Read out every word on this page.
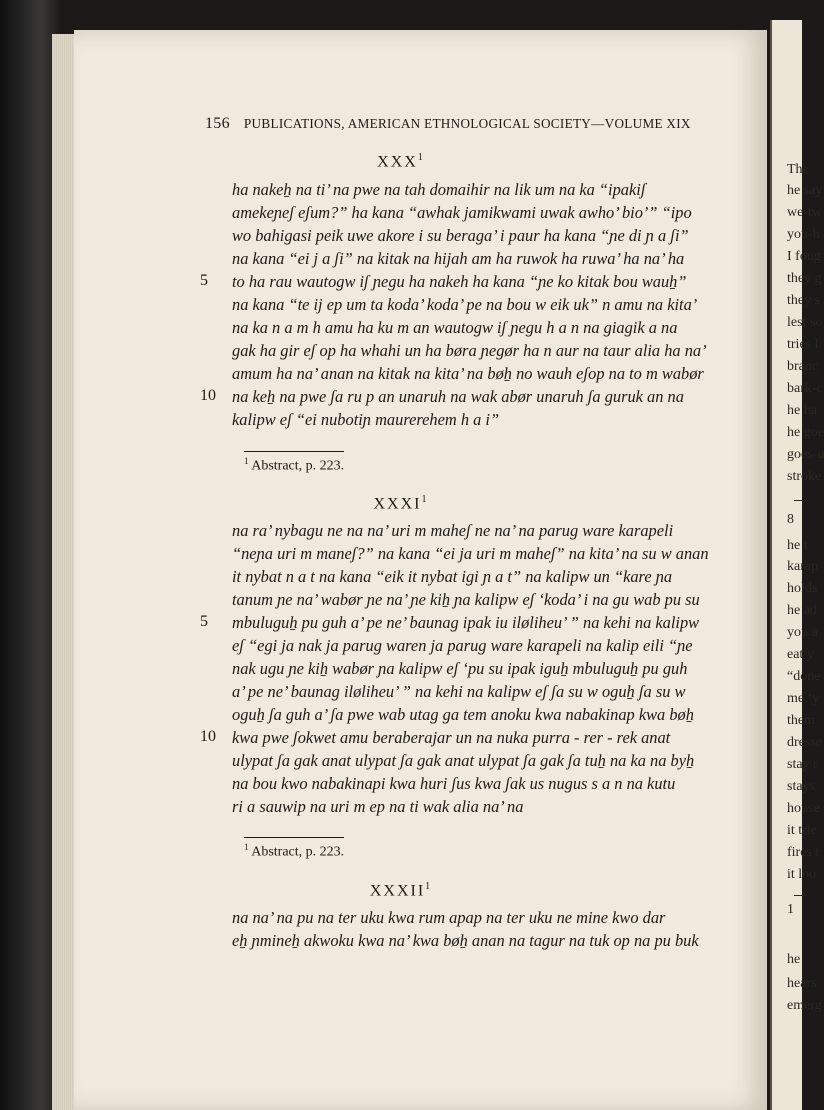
The
he say
we-tw
you-h
I foug
they g
they s
lest so
tries l
branc
bark-c
he ha
he goe
goes-u
stroke
8
he t
karap
holds
he ad
you a
eat y
“done
me ‘y
them
dresse
stay r
stays
house
it trie
fires t
it loo
1
he
hears
emerg
156 PUBLICATIONS, AMERICAN ETHNOLOGICAL SOCIETY—VOLUME XIX
XXX$^1$
ha nakeẖ na ti’ na pwe na tah domaihir na lik um na ka “ipakiʃ
amekeɲeʃ eʃum?” ha kana “awhak jamikwami uwak awho’ bio’” “ipo
wo bahigasi peik uwe akore i su beraga’ i paur ha kana “ɲe di ɲ a ʃi”
na kana “ei j a ʃi” na kitak na hijah am ha ruwok ha ruwa’ ha na’ ha
5 to ha rau wautogw iʃ ɲegu ha nakeh ha kana “ɲe ko kitak bou wauẖ”
na kana “te ij ep um ta koda’ koda’ pe na bou w eik uk” n amu na kita’
na ka n a m h amu ha ku m an wautogw iʃ ɲegu h a n na giagik a na
gak ha gir eʃ op ha whahi un ha børa ɲegør ha n aur na taur alia ha na’
amum ha na’ anan na kitak na kita’ na bøẖ no wauh eʃop na to m wabør
10 na keẖ na pwe ʃa ru p an unaruh na wak abør unaruh ʃa guruk an na
kalipw eʃ “ei nubotiɲ maurerehem h a i”
$^1$ Abstract, p. 223.
XXXI$^1$
na ra’ nybagu ne na na’ uri m maheʃ ne na’ na parug ware karapeli
“neɲa uri m maneʃ?” na kana “ei ja uri m maheʃ” na kita’ na su w anan
it nybat n a t na kana “eik it nybat igi ɲ a t” na kalipw un “kare ɲa
tanum ɲe na’ wabør ɲe na’ ɲe kiẖ ɲa kalipw eʃ ‘koda’ i na gu wab pu su
5 mbuluguẖ pu guh a’ pe ne’ baunag ipak iu iløliheu’ ” na kehi na kalipw
eʃ “egi ja nak ja parug waren ja parug ware karapeli na kalip eili “ɲe
nak ugu ɲe kiẖ wabør ɲa kalipw eʃ ‘pu su ipak iguẖ mbuluguẖ pu guh
a’ pe ne’ baunag iløliheu’ ” na kehi na kalipw eʃ ʃa su w oguẖ ʃa su w
oguẖ ʃa guh a’ ʃa pwe wab utag ga tem anoku kwa nabakinap kwa bøẖ
10 kwa pwe ʃokwet amu beraberajar un na nuka purra - rer - rek anat
ulypat ʃa gak anat ulypat ʃa gak anat ulypat ʃa gak ʃa tuẖ na ka na byẖ
na bou kwo nabakinapi kwa huri ʃus kwa ʃak us nugus s a n na kutu
ri a sauwip na uri m ep na ti wak alia na’ na
$^1$ Abstract, p. 223.
XXXII$^1$
na na’ na pu na ter uku kwa rum apap na ter uku ne mine kwo dar
eẖ ɲmineẖ akwoku kwa na’ kwa bøẖ anan na tagur na tuk op na pu buk
